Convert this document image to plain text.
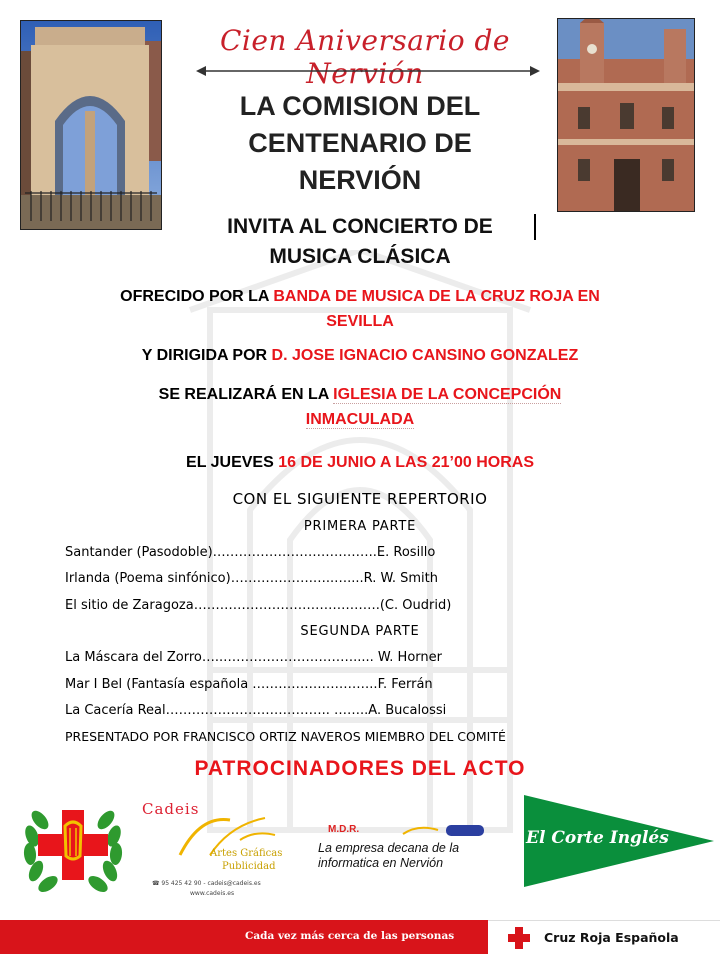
Cien Aniversario de Nervión
LA COMISION DEL
CENTENARIO DE
NERVIÓN
INVITA AL CONCIERTO DE
MUSICA CLÁSICA
OFRECIDO POR LA BANDA DE MUSICA DE LA CRUZ ROJA EN
SEVILLA
Y DIRIGIDA POR D. JOSE IGNACIO CANSINO GONZALEZ
SE REALIZARÁ EN LA IGLESIA DE LA CONCEPCIÓN
INMACULADA
EL JUEVES 16 DE JUNIO A LAS 21’00 HORAS
CON EL SIGUIENTE REPERTORIO
PRIMERA PARTE
Santander (Pasodoble)………………………………..E. Rosillo
Irlanda (Poema sinfónico)……………….…..…....R. W. Smith
El sitio de Zaragoza…………………………………….(C. Oudrid)
SEGUNDA PARTE
La Máscara del Zorro…..…………………………..... W. Horner
Mar I Bel (Fantasía española ………………………..F. Ferrán
La Cacería Real……………………………….. ……..A. Bucalossi
PRESENTADO POR FRANCISCO ORTIZ NAVEROS MIEMBRO DEL COMITÉ
PATROCINADORES DEL ACTO
Cadeis
Artes Gráficas
Publicidad
☎ 95 425 42 90 - cadeis@cadeis.es
www.cadeis.es
M.D.R.
La empresa decana de la
informatica en Nervión
El Corte Inglés
Cada vez más cerca de las personas	Cruz Roja Española
